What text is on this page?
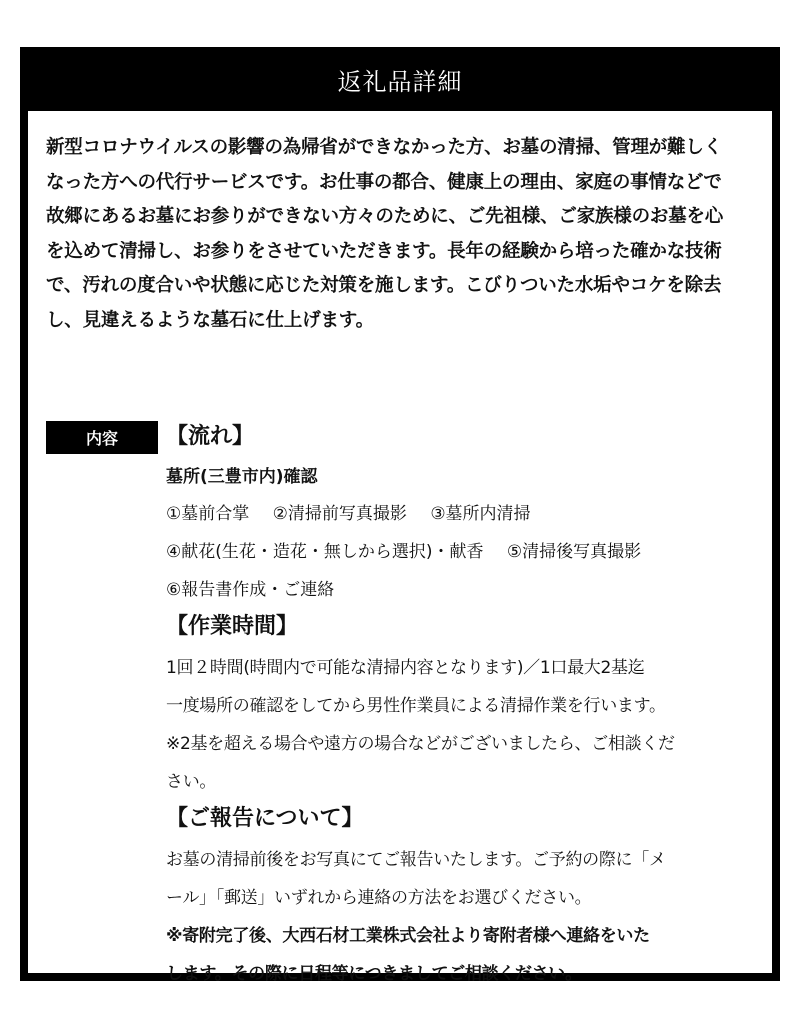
返礼品詳細

新型コロナウイルスの影響の為帰省ができなかった方、お墓の清掃、管理が難しく
なった方への代行サービスです。お仕事の都合、健康上の理由、家庭の事情などで
故郷にあるお墓にお参りができない方々のために、ご先祖様、ご家族様のお墓を心
を込めて清掃し、お参りをさせていただきます。長年の経験から培った確かな技術
で、汚れの度合いや状態に応じた対策を施します。こびりついた水垢やコケを除去
し、見違えるような墓石に仕上げます。

内容	【流れ】
墓所(三豊市内)確認
①墓前合掌 ②清掃前写真撮影 ③墓所内清掃
④献花(生花・造花・無しから選択)・献香 ⑤清掃後写真撮影
⑥報告書作成・ご連絡
【作業時間】
1回２時間(時間内で可能な清掃内容となります)／1口最大2基迄
一度場所の確認をしてから男性作業員による清掃作業を行います。
※2基を超える場合や遠方の場合などがございましたら、ご相談くだ
さい。
【ご報告について】
お墓の清掃前後をお写真にてご報告いたします。ご予約の際に「メ
ール」「郵送」いずれから連絡の方法をお選びください。
※寄附完了後、大西石材工業株式会社より寄附者様へ連絡をいた
します。その際に日程等につきましてご相談ください。
